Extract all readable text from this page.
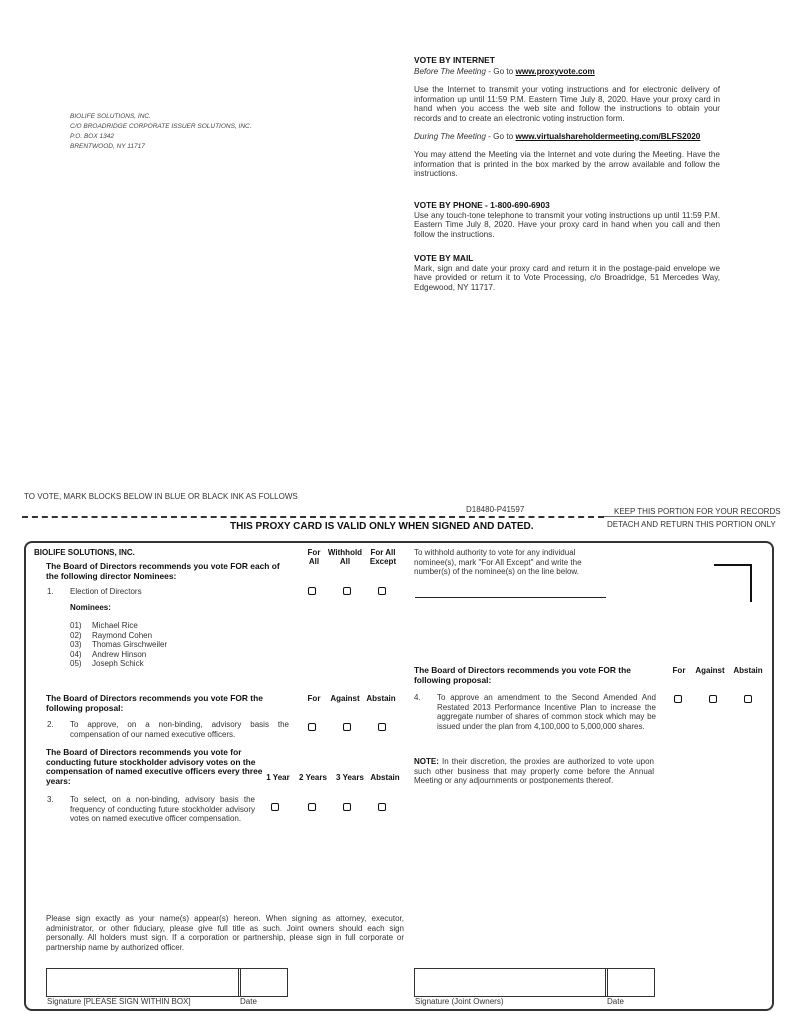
BIOLIFE SOLUTIONS, INC.
C/O BROADRIDGE CORPORATE ISSUER SOLUTIONS, INC.
P.O. BOX 1342
BRENTWOOD, NY 11717
VOTE BY INTERNET
Before The Meeting - Go to www.proxyvote.com
Use the Internet to transmit your voting instructions and for electronic delivery of information up until 11:59 P.M. Eastern Time July 8, 2020. Have your proxy card in hand when you access the web site and follow the instructions to obtain your records and to create an electronic voting instruction form.
During The Meeting - Go to www.virtualshareholdermeeting.com/BLFS2020
You may attend the Meeting via the Internet and vote during the Meeting. Have the information that is printed in the box marked by the arrow available and follow the instructions.
VOTE BY PHONE - 1-800-690-6903
Use any touch-tone telephone to transmit your voting instructions up until 11:59 P.M. Eastern Time July 8, 2020. Have your proxy card in hand when you call and then follow the instructions.
VOTE BY MAIL
Mark, sign and date your proxy card and return it in the postage-paid envelope we have provided or return it to Vote Processing, c/o Broadridge, 51 Mercedes Way, Edgewood, NY 11717.
TO VOTE, MARK BLOCKS BELOW IN BLUE OR BLACK INK AS FOLLOWS
D18480-P41597	KEEP THIS PORTION FOR YOUR RECORDS
DETACH AND RETURN THIS PORTION ONLY
THIS PROXY CARD IS VALID ONLY WHEN SIGNED AND DATED.
BIOLIFE SOLUTIONS, INC.
The Board of Directors recommends you vote FOR each of the following director Nominees:
For All
Withhold All
For All Except
1. Election of Directors
Nominees:
01) Michael Rice
02) Raymond Cohen
03) Thomas Girschweiler
04) Andrew Hinson
05) Joseph Schick
To withhold authority to vote for any individual nominee(s), mark "For All Except" and write the number(s) of the nominee(s) on the line below.
The Board of Directors recommends you vote FOR the following proposal:
For	Against Abstain
2. To approve, on a non-binding, advisory basis the compensation of our named executive officers.
The Board of Directors recommends you vote for conducting future stockholder advisory votes on the compensation of named executive officers every three years:	1 Year	2 Years	3 Years Abstain
3. To select, on a non-binding, advisory basis the frequency of conducting future stockholder advisory votes on named executive officer compensation.
The Board of Directors recommends you vote FOR the following proposal:
For	Against	Abstain
4. To approve an amendment to the Second Amended And Restated 2013 Performance Incentive Plan to increase the aggregate number of shares of common stock which may be issued under the plan from 4,100,000 to 5,000,000 shares.
NOTE: In their discretion, the proxies are authorized to vote upon such other business that may properly come before the Annual Meeting or any adjournments or postponements thereof.
Please sign exactly as your name(s) appear(s) hereon. When signing as attorney, executor, administrator, or other fiduciary, please give full title as such. Joint owners should each sign personally. All holders must sign. If a corporation or partnership, please sign in full corporate or partnership name by authorized officer.
Signature [PLEASE SIGN WITHIN BOX]	Date	Signature (Joint Owners)	Date
